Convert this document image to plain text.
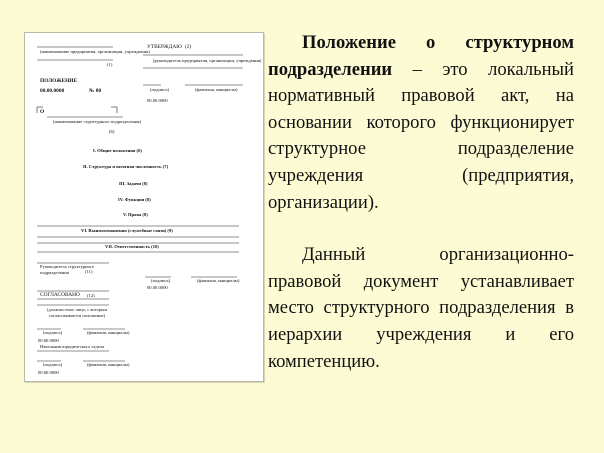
(наименование предприятия, организации, учреждения)
(1)
УТВЕРЖДАЮ (2)
(руководитель предприятия, организации, учреждения)
(подпись)	(фамилия, инициалы)
00.00.0000
ПОЛОЖЕНИЕ
00.00.0000	№ 00
О
(наименование структурного подразделения)
(6)
I. Общие положения (6)
II. Структура и штатная численность (7)
III. Задачи (8)
IV. Функции (8)
V. Права (8)
VI. Взаимоотношения (служебные связи) (9)
VII. Ответственность (10)
Руководитель структурного подразделения	(11)
(подпись)	(фамилия, инициалы)
00.00.0000
СОГЛАСОВАНО (12)
(должностное лицо, с которым согласовывается положение)
(подпись)	(фамилия, инициалы)
00.00.0000
Начальник юридического отдела
(подпись)	(фамилия, инициалы)
00.00.0000

Положение о структурном подразделении – это локальный нормативный правовой акт, на основании которого функционирует структурное подразделение учреждения (предприятия, организации).

Данный организационно-правовой документ устанавливает место структурного подразделения в иерархии учреждения и его компетенцию.
